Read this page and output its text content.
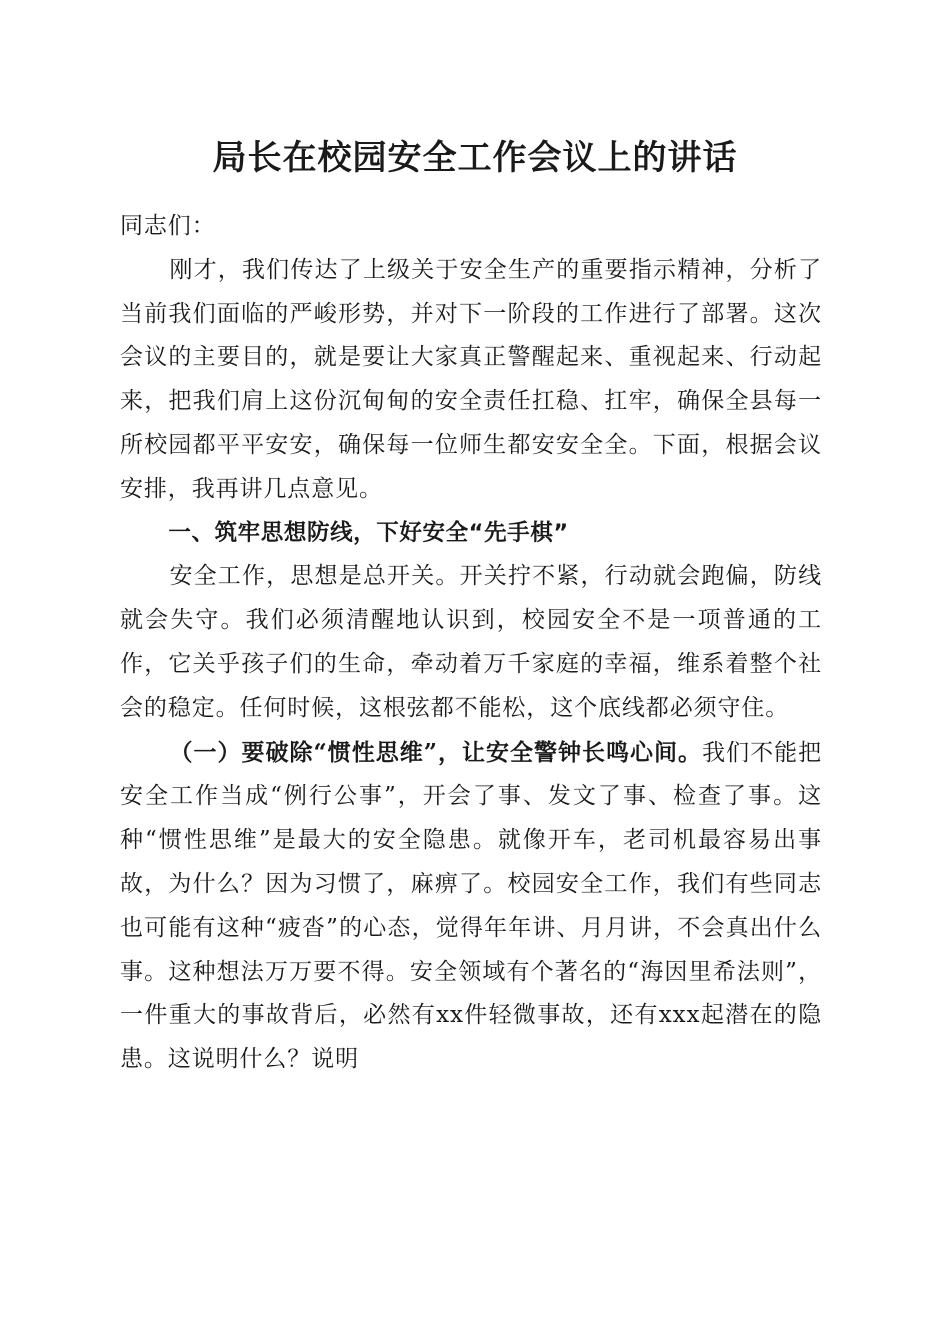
局长在校园安全工作会议上的讲话

同志们：

刚才，我们传达了上级关于安全生产的重要指示精神，分析了当前我们面临的严峻形势，并对下一阶段的工作进行了部署。这次会议的主要目的，就是要让大家真正警醒起来、重视起来、行动起来，把我们肩上这份沉甸甸的安全责任扛稳、扛牢，确保全县每一所校园都平平安安，确保每一位师生都安安全全。下面，根据会议安排，我再讲几点意见。

一、筑牢思想防线，下好安全“先手棋”

安全工作，思想是总开关。开关拧不紧，行动就会跑偏，防线就会失守。我们必须清醒地认识到，校园安全不是一项普通的工作，它关乎孩子们的生命，牵动着万千家庭的幸福，维系着整个社会的稳定。任何时候，这根弦都不能松，这个底线都必须守住。

（一）要破除“惯性思维”，让安全警钟长鸣心间。我们不能把安全工作当成“例行公事”，开会了事、发文了事、检查了事。这种“惯性思维”是最大的安全隐患。就像开车，老司机最容易出事故，为什么？因为习惯了，麻痹了。校园安全工作，我们有些同志也可能有这种“疲沓”的心态，觉得年年讲、月月讲，不会真出什么事。这种想法万万要不得。安全领域有个著名的“海因里希法则”，一件重大的事故背后，必然有xx件轻微事故，还有xxx起潜在的隐患。这说明什么？说明
